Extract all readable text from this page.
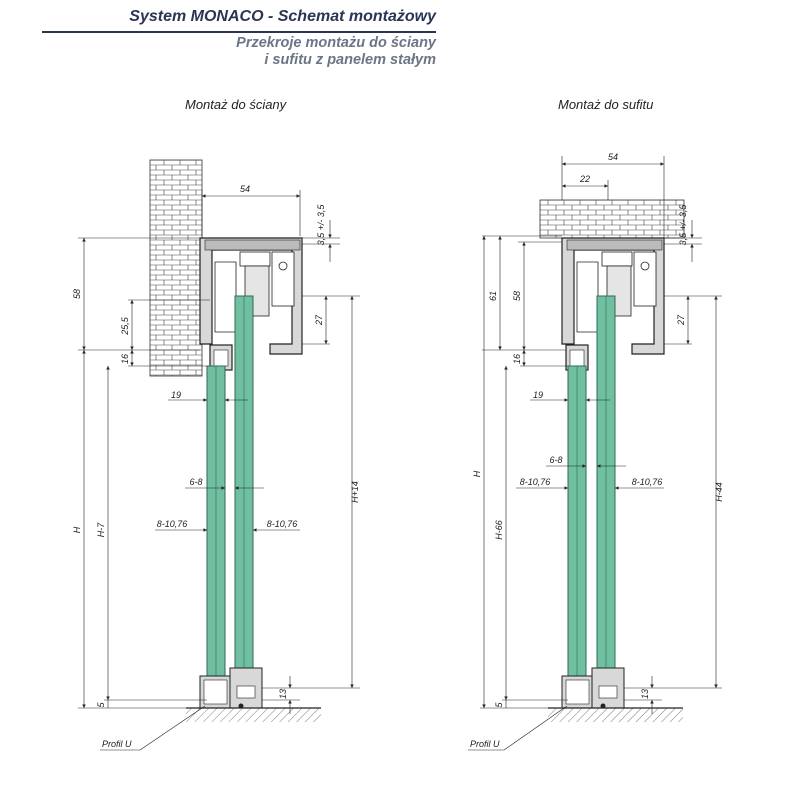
System MONACO - Schemat montażowy
Przekroje montażu do ściany
i sufitu z panelem stałym
Montaż do ściany	Montaż do sufitu
54
3,5 +/- 3,5
58
25,5
16
27
19
6-8
8-10,76	8-10,76
H H-7
H+14
13
5
Profil U
54
22
3,5 +/- 3,5
61 58
16
27
19
6-8
8-10,76	8-10,76
H
H-66
H-44
13
5
Profil U
